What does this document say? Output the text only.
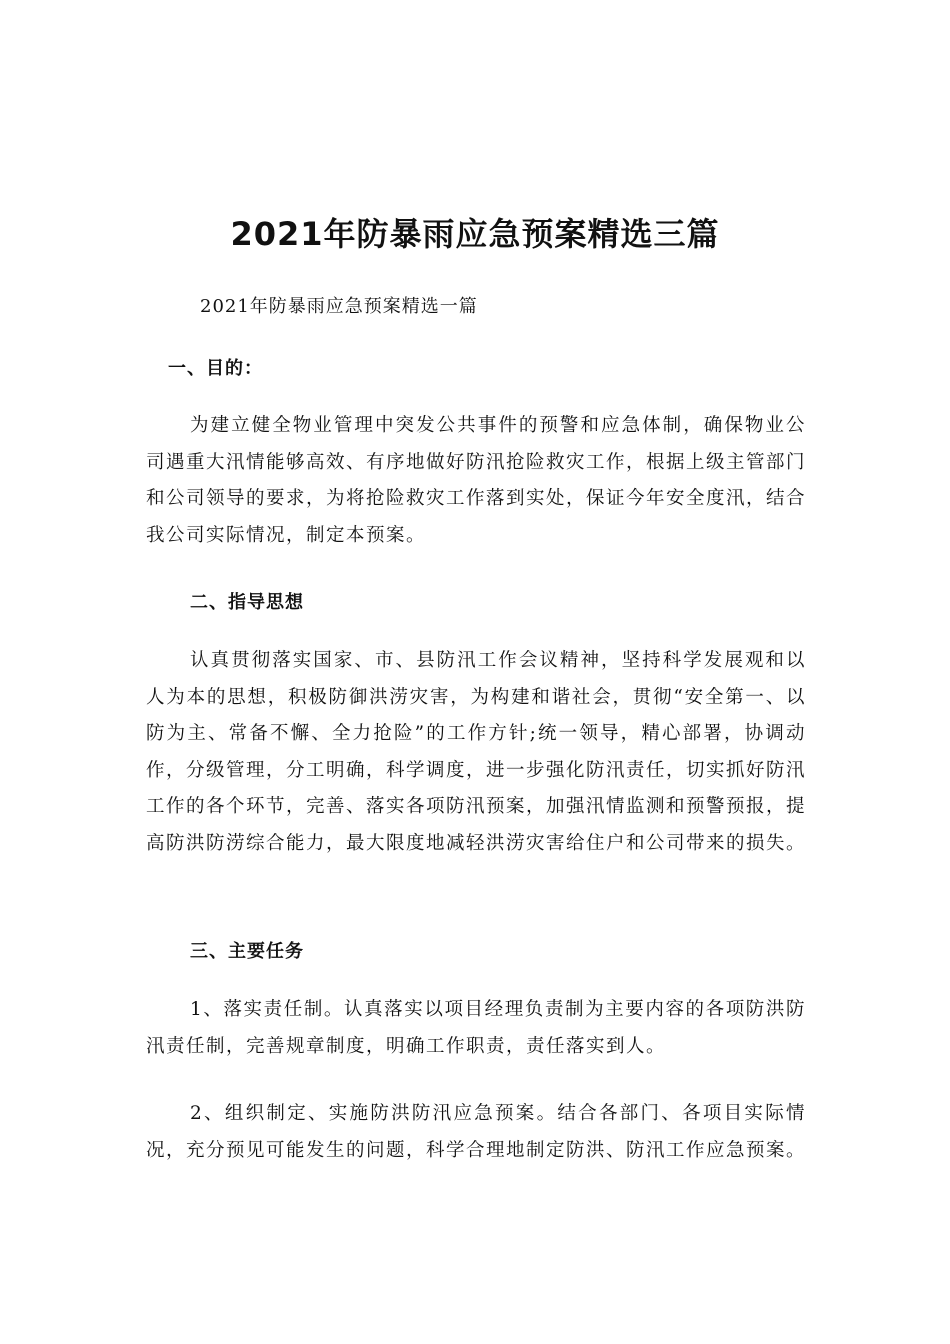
2021年防暴雨应急预案精选三篇

2021年防暴雨应急预案精选一篇

一、目的：

为建立健全物业管理中突发公共事件的预警和应急体制，确保物业公司遇重大汛情能够高效、有序地做好防汛抢险救灾工作，根据上级主管部门和公司领导的要求，为将抢险救灾工作落到实处，保证今年安全度汛，结合我公司实际情况，制定本预案。

二、指导思想

认真贯彻落实国家、市、县防汛工作会议精神，坚持科学发展观和以人为本的思想，积极防御洪涝灾害，为构建和谐社会，贯彻“安全第一、以防为主、常备不懈、全力抢险”的工作方针;统一领导，精心部署，协调动作，分级管理，分工明确，科学调度，进一步强化防汛责任，切实抓好防汛工作的各个环节，完善、落实各项防汛预案，加强汛情监测和预警预报，提高防洪防涝综合能力，最大限度地减轻洪涝灾害给住户和公司带来的损失。

三、主要任务

1、落实责任制。认真落实以项目经理负责制为主要内容的各项防洪防汛责任制，完善规章制度，明确工作职责，责任落实到人。

2、组织制定、实施防洪防汛应急预案。结合各部门、各项目实际情况，充分预见可能发生的问题，科学合理地制定防洪、防汛工作应急预案。
